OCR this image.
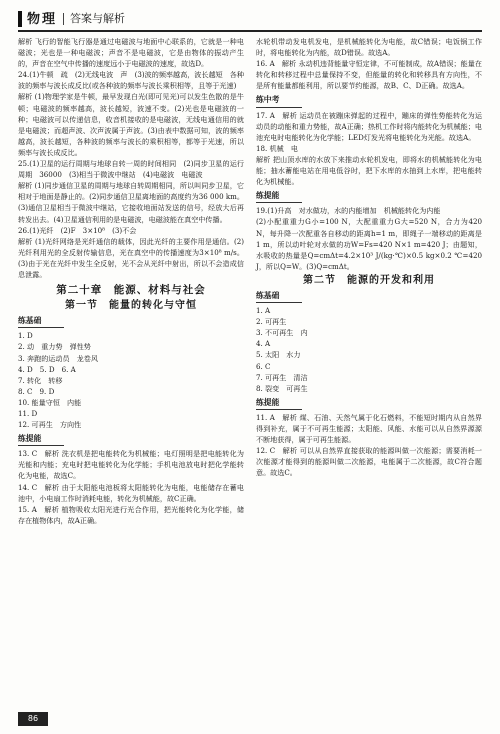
物理 答案与解析

解析 飞行的智能飞行器是通过电磁波与地面中心联系的，它就是一种电磁波；光也是一种电磁波；声音不是电磁波，它是由物体的振动产生的，声音在空气中传播的速度远小于电磁波的速度，故选D。

24.(1)牛顿　疏　(2)无线电波　声　(3)波的频率越高，波长越短　各种波的频率与波长成反比(或各种波的频率与波长乘积相等，且等于光速)

解析 (1)物理学家是牛顿，最早发现白光(即可见光)可以发生色散的是牛顿；电磁波的频率越高，波长越短，波速不变。(2)光也是电磁波的一种；电磁波可以传递信息，收音机接收的是电磁波，无线电通信用的就是电磁波；而超声波、次声波属于声波。(3)由表中数据可知，波的频率越高，波长越短，各种波的频率与波长的乘积相等，都等于光速，所以频率与波长成反比。

25.(1)卫星的运行周期与地球自转一周的时间相同　(2)同步卫星的运行周期　36000　(3)相当于微波中继站　(4)电磁波　电磁波

解析 (1)同步通信卫星的周期与地球自转周期相同，所以叫同步卫星，它相对于地面是静止的。(2)同步通信卫星离地面的高度约为36 000 km。(3)通信卫星相当于微波中继站，它接收地面站发送的信号，经放大后再转发出去。(4)卫星通信利用的是电磁波，电磁波能在真空中传播。

26.(1)光纤　(2)F　3×10⁸　(3)不会

解析 (1)光纤网络是光纤通信的载体，因此光纤的主要作用是通信。(2)光纤利用光的全反射传输信息，光在真空中的传播速度为3×10⁸ m/s。(3)由于光在光纤中发生全反射，光不会从光纤中射出，所以不会造成信息泄露。

第二十章　能源、材料与社会
第一节　能量的转化与守恒
练基础

1. D

2. 动　重力势　弹性势

3. 奔跑的运动员　龙卷风

4. D　5. D　6. A

7. 转化　转移

8. C　9. D

10. 能量守恒　内能

11. D

12. 可再生　方向性

练提能

13. C　解析 洗衣机是把电能转化为机械能；电灯照明是把电能转化为光能和内能；充电时把电能转化为化学能；手机电池放电时把化学能转化为电能，故选C。

14. C　解析 由于太阳能电池板将太阳能转化为电能，电能储存在蓄电池中，小电扇工作时消耗电能，转化为机械能，故C正确。

15. A　解析 植物吸收太阳光进行光合作用，把光能转化为化学能，储存在植物体内，故A正确。

水轮机带动发电机发电，是机械能转化为电能，故C错误；电饭锅工作时，将电能转化为内能，故D错误。故选A。

16. A　解析 永动机违背能量守恒定律，不可能制成，故A错误；能量在转化和转移过程中总量保持不变，但能量的转化和转移具有方向性，不是所有能量都能利用，所以要节约能源，故B、C、D正确。故选A。

练中考

17. A　解析 运动员在被蹦床弹起的过程中，蹦床的弹性势能转化为运动员的动能和重力势能，故A正确；热机工作时将内能转化为机械能；电池充电时电能转化为化学能；LED灯发光将电能转化为光能。故选A。

18. 机械　电

解析 把山顶水库的水放下来推动水轮机发电，即将水的机械能转化为电能；抽水蓄能电站在用电低谷时，把下水库的水抽到上水库，把电能转化为机械能。

练提能

19.(1)升高　对水做功，水的内能增加　机械能转化为内能

(2)小配重重力G小=100 N，大配重重力G大=520 N，合力为420 N，每升降一次配重各自移动的距离h=1 m，即绳子一端移动的距离是1 m，所以动叶轮对水做的功W=Fs=420 N×1 m=420 J；由题知，水吸收的热量是Q=cmΔt=4.2×10³ J/(kg·℃)×0.5 kg×0.2 ℃=420 J，所以Q=W。(3)Q=cmΔt。

第二节　能源的开发和利用
练基础

1. A

2. 可再生

3. 不可再生　内

4. A

5. 太阳　水力

6. C

7. 可再生　清洁

8. 裂变　可再生

练提能

11. A　解析 煤、石油、天然气属于化石燃料，不能短时期内从自然界得到补充，属于不可再生能源；太阳能、风能、水能可以从自然界源源不断地获得，属于可再生能源。

12. C　解析 可以从自然界直接获取的能源叫做一次能源；需要消耗一次能源才能得到的能源叫做二次能源，电能属于二次能源，故C符合题意。故选C。

86
